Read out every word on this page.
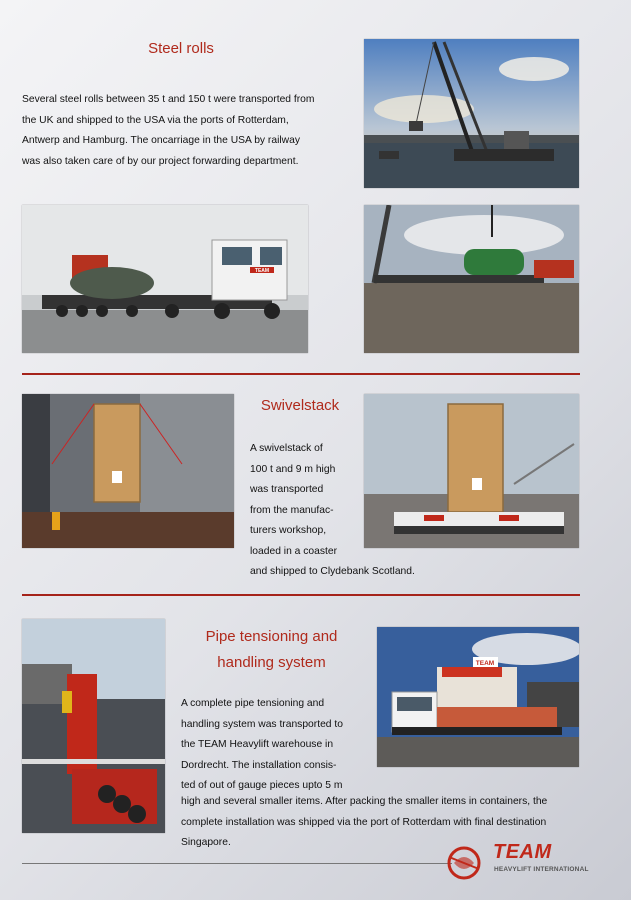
Steel rolls
Several steel rolls between 35 t and 150 t were transported from
the UK and shipped to the USA via the ports of Rotterdam,
Antwerp and Hamburg. The oncarriage in the USA by railway
was also taken care of by our project forwarding department.
TEAM
Swivelstack
A swivelstack of
100 t and 9 m high
was transported
from the manufac-
turers workshop,
loaded in a coaster
and shipped to Clydebank Scotland.
Pipe tensioning and
handling system
A complete pipe tensioning and
handling system was transported to
the TEAM Heavylift warehouse in
Dordrecht. The installation consis-
ted of out of gauge pieces upto 5 m
high and several smaller items. After packing the smaller items in containers, the
complete installation was shipped via the port of Rotterdam with final destination
Singapore.
TEAM
TEAM
HEAVYLIFT INTERNATIONAL
